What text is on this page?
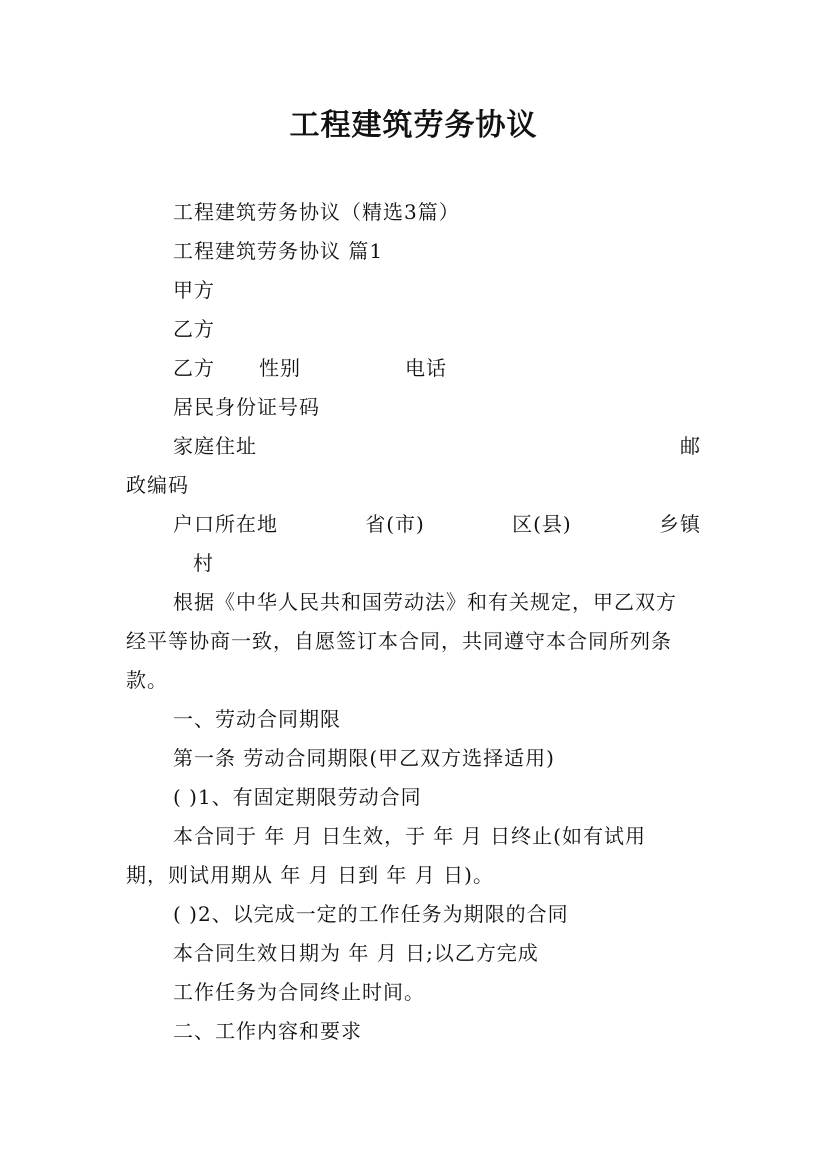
工程建筑劳务协议
工程建筑劳务协议（精选3篇）
工程建筑劳务协议 篇1
甲方
乙方
乙方 性别	电话
居民身份证号码
家庭住址	邮
政编码
户口所在地	省(市)	区(县)	乡镇
村
根据《中华人民共和国劳动法》和有关规定，甲乙双方
经平等协商一致，自愿签订本合同，共同遵守本合同所列条
款。
一、劳动合同期限
第一条 劳动合同期限(甲乙双方选择适用)
( )1、有固定期限劳动合同
本合同于 年 月 日生效，于 年 月 日终止(如有试用
期，则试用期从 年 月 日到 年 月 日)。
( )2、以完成一定的工作任务为期限的合同
本合同生效日期为 年 月 日;以乙方完成
工作任务为合同终止时间。
二、工作内容和要求
